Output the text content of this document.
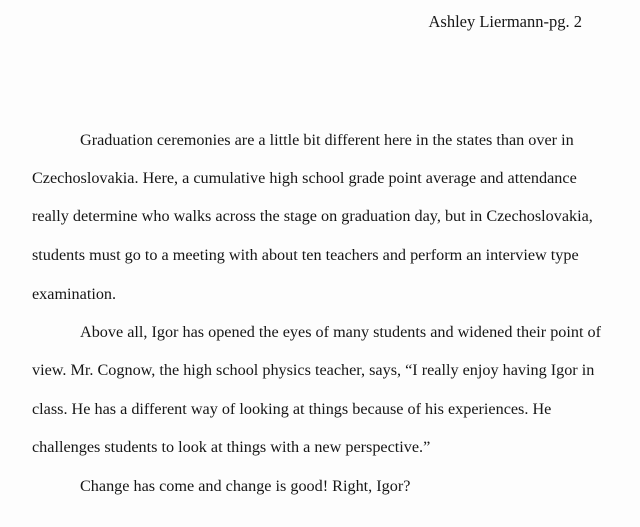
Ashley Liermann-pg. 2
Graduation ceremonies are a little bit different here in the states than over in
Czechoslovakia. Here, a cumulative high school grade point average and attendance
really determine who walks across the stage on graduation day, but in Czechoslovakia,
students must go to a meeting with about ten teachers and perform an interview type
examination.
Above all, Igor has opened the eyes of many students and widened their point of
view. Mr. Cognow, the high school physics teacher, says, “I really enjoy having Igor in
class. He has a different way of looking at things because of his experiences. He
challenges students to look at things with a new perspective.”
Change has come and change is good! Right, Igor?
